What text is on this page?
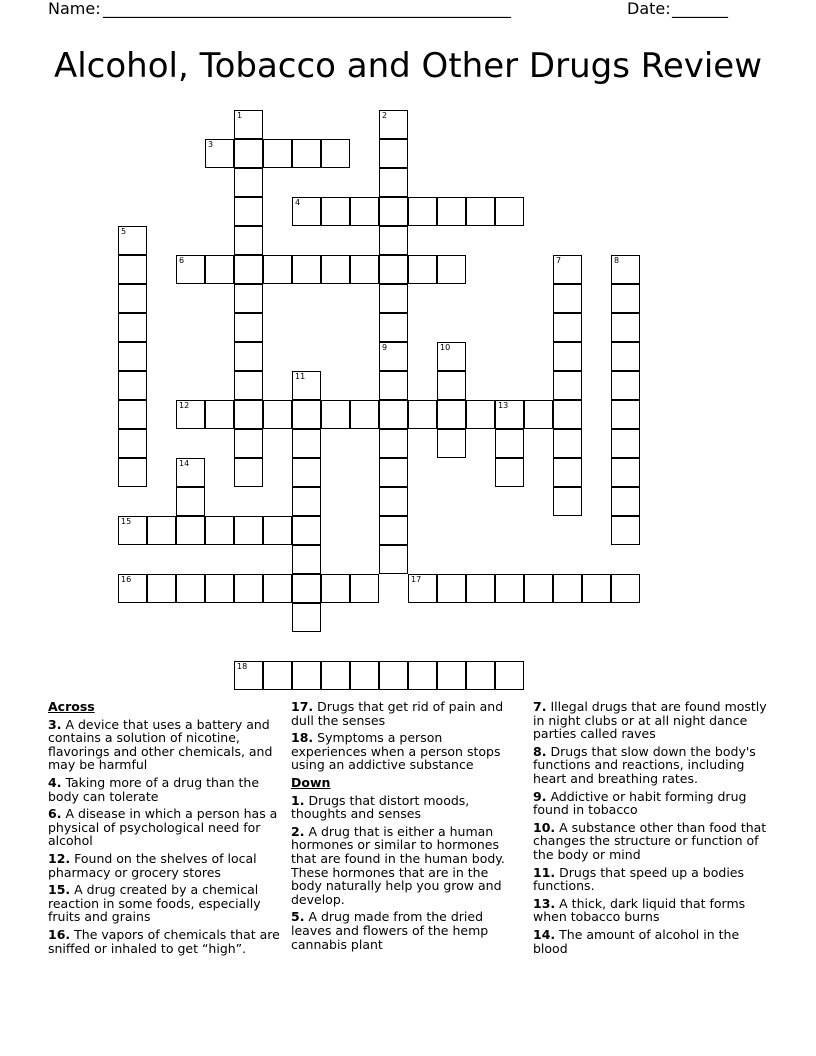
Name: ___________________________________________________	Date: _______
Alcohol, Tobacco and Other Drugs Review
1	2
3
4
5
6	7	8
9	10
11
12	13
14
15
16	17
18
Across
3. A device that uses a battery and contains a solution of nicotine, flavorings and other chemicals, and may be harmful
4. Taking more of a drug than the body can tolerate
6. A disease in which a person has a physical of psychological need for alcohol
12. Found on the shelves of local pharmacy or grocery stores
15. A drug created by a chemical reaction in some foods, especially fruits and grains
16. The vapors of chemicals that are sniffed or inhaled to get “high”.
17. Drugs that get rid of pain and dull the senses
18. Symptoms a person experiences when a person stops using an addictive substance
Down
1. Drugs that distort moods, thoughts and senses
2. A drug that is either a human hormones or similar to hormones that are found in the human body. These hormones that are in the body naturally help you grow and develop.
5. A drug made from the dried leaves and flowers of the hemp cannabis plant
7. Illegal drugs that are found mostly in night clubs or at all night dance parties called raves
8. Drugs that slow down the body's functions and reactions, including heart and breathing rates.
9. Addictive or habit forming drug found in tobacco
10. A substance other than food that changes the structure or function of the body or mind
11. Drugs that speed up a bodies functions.
13. A thick, dark liquid that forms when tobacco burns
14. The amount of alcohol in the blood
